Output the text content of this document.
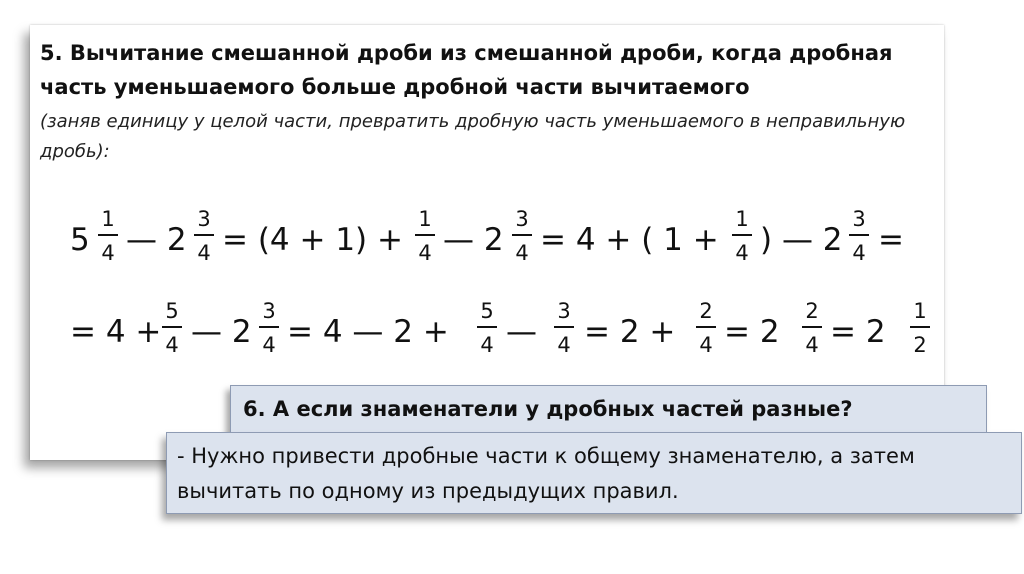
5. Вычитание смешанной дроби из смешанной дроби, когда дробная часть уменьшаемого больше дробной части вычитаемого
(заняв единицу у целой части, превратить дробную часть уменьшаемого в неправильную дробь):
5
1
4 — 2
3
4 = (4 + 1) +
1
4 — 2
3
4 = 4 + ( 1 +
1
4 ) — 2
3
4 =
= 4 +
5
4 — 2
3
4 = 4 — 2 +
5
4 —
3
4 = 2 +
2
4 = 2
2
4 = 2
1
2
6. А если знаменатели у дробных частей разные?
- Нужно привести дробные части к общему знаменателю, а затем вычитать по одному из предыдущих правил.
